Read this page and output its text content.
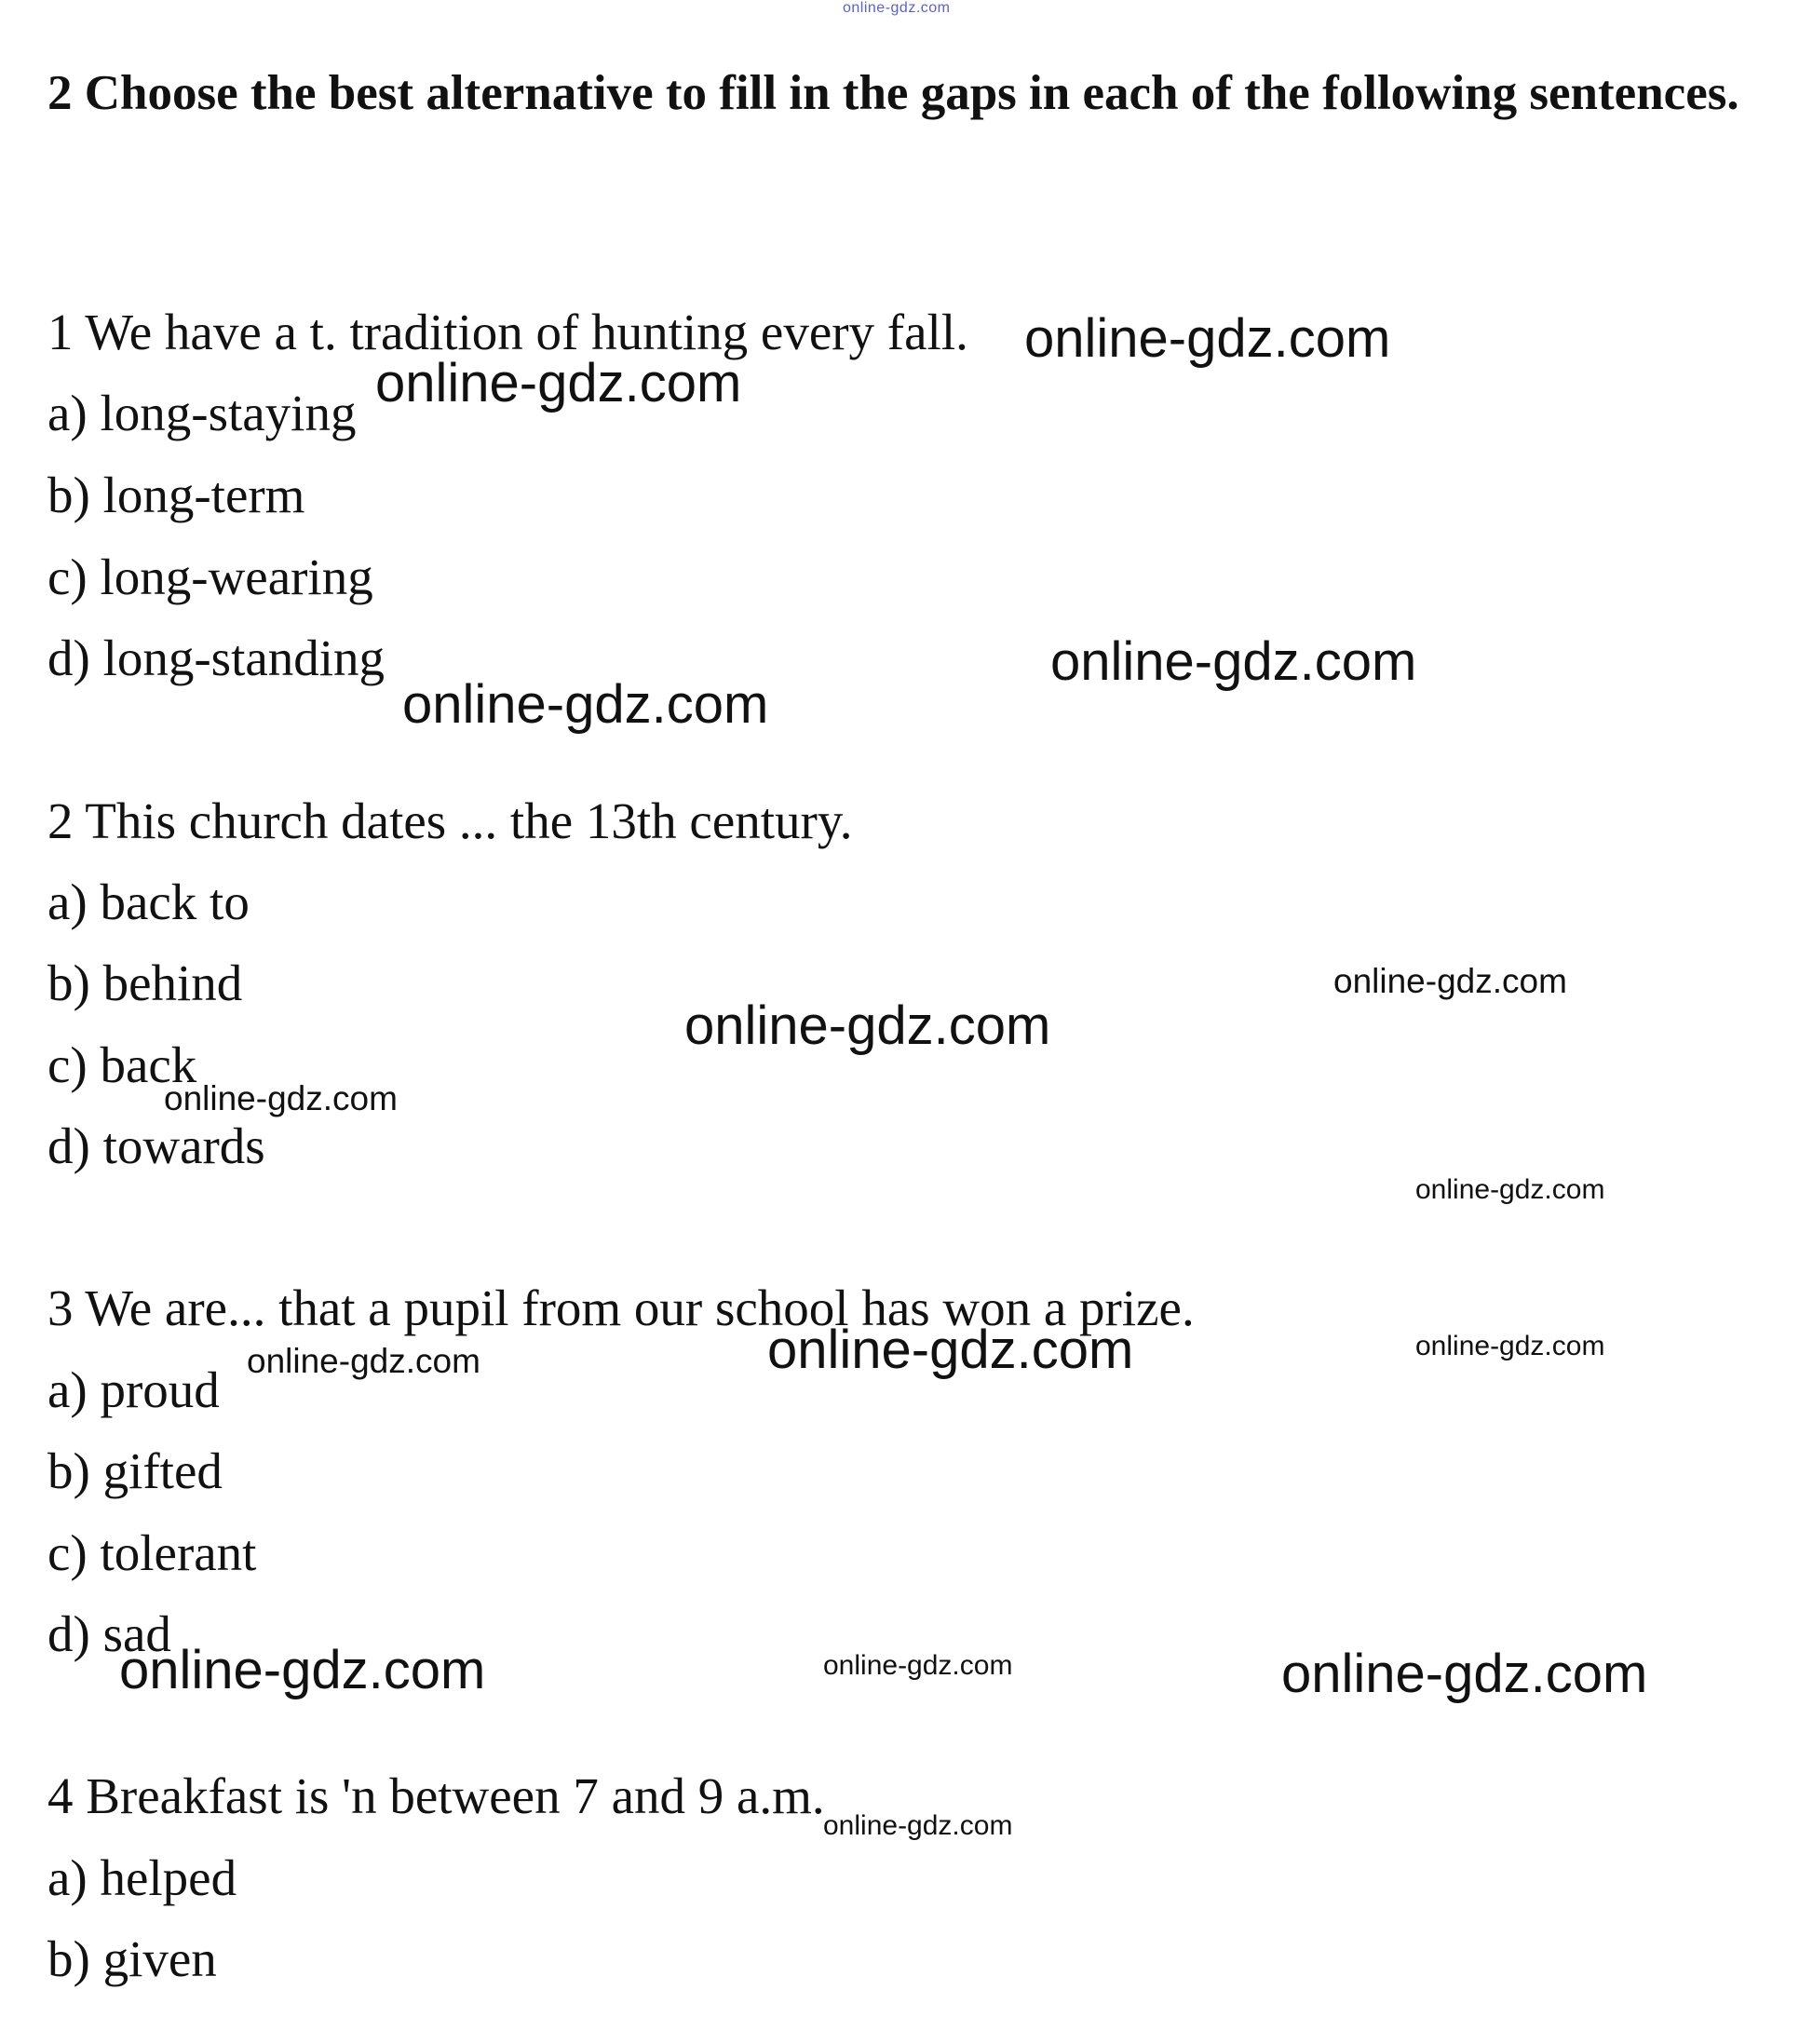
online-gdz.com
2 Choose the best alternative to fill in the gaps in each of the following sentences.
1 We have a t. tradition of hunting every fall.
a) long-staying
b) long-term
c) long-wearing
d) long-standing
2 This church dates ... the 13th century.
a) back to
b) behind
c) back
d) towards
3 We are... that a pupil from our school has won a prize.
a) proud
b) gifted
c) tolerant
d) sad
4 Breakfast is 'n between 7 and 9 a.m.
a) helped
b) given
online-gdz.com
online-gdz.com
online-gdz.com
online-gdz.com
online-gdz.com
online-gdz.com
online-gdz.com
online-gdz.com
online-gdz.com	online-gdz.com
online-gdz.com
online-gdz.com	online-gdz.com	online-gdz.com
online-gdz.com
